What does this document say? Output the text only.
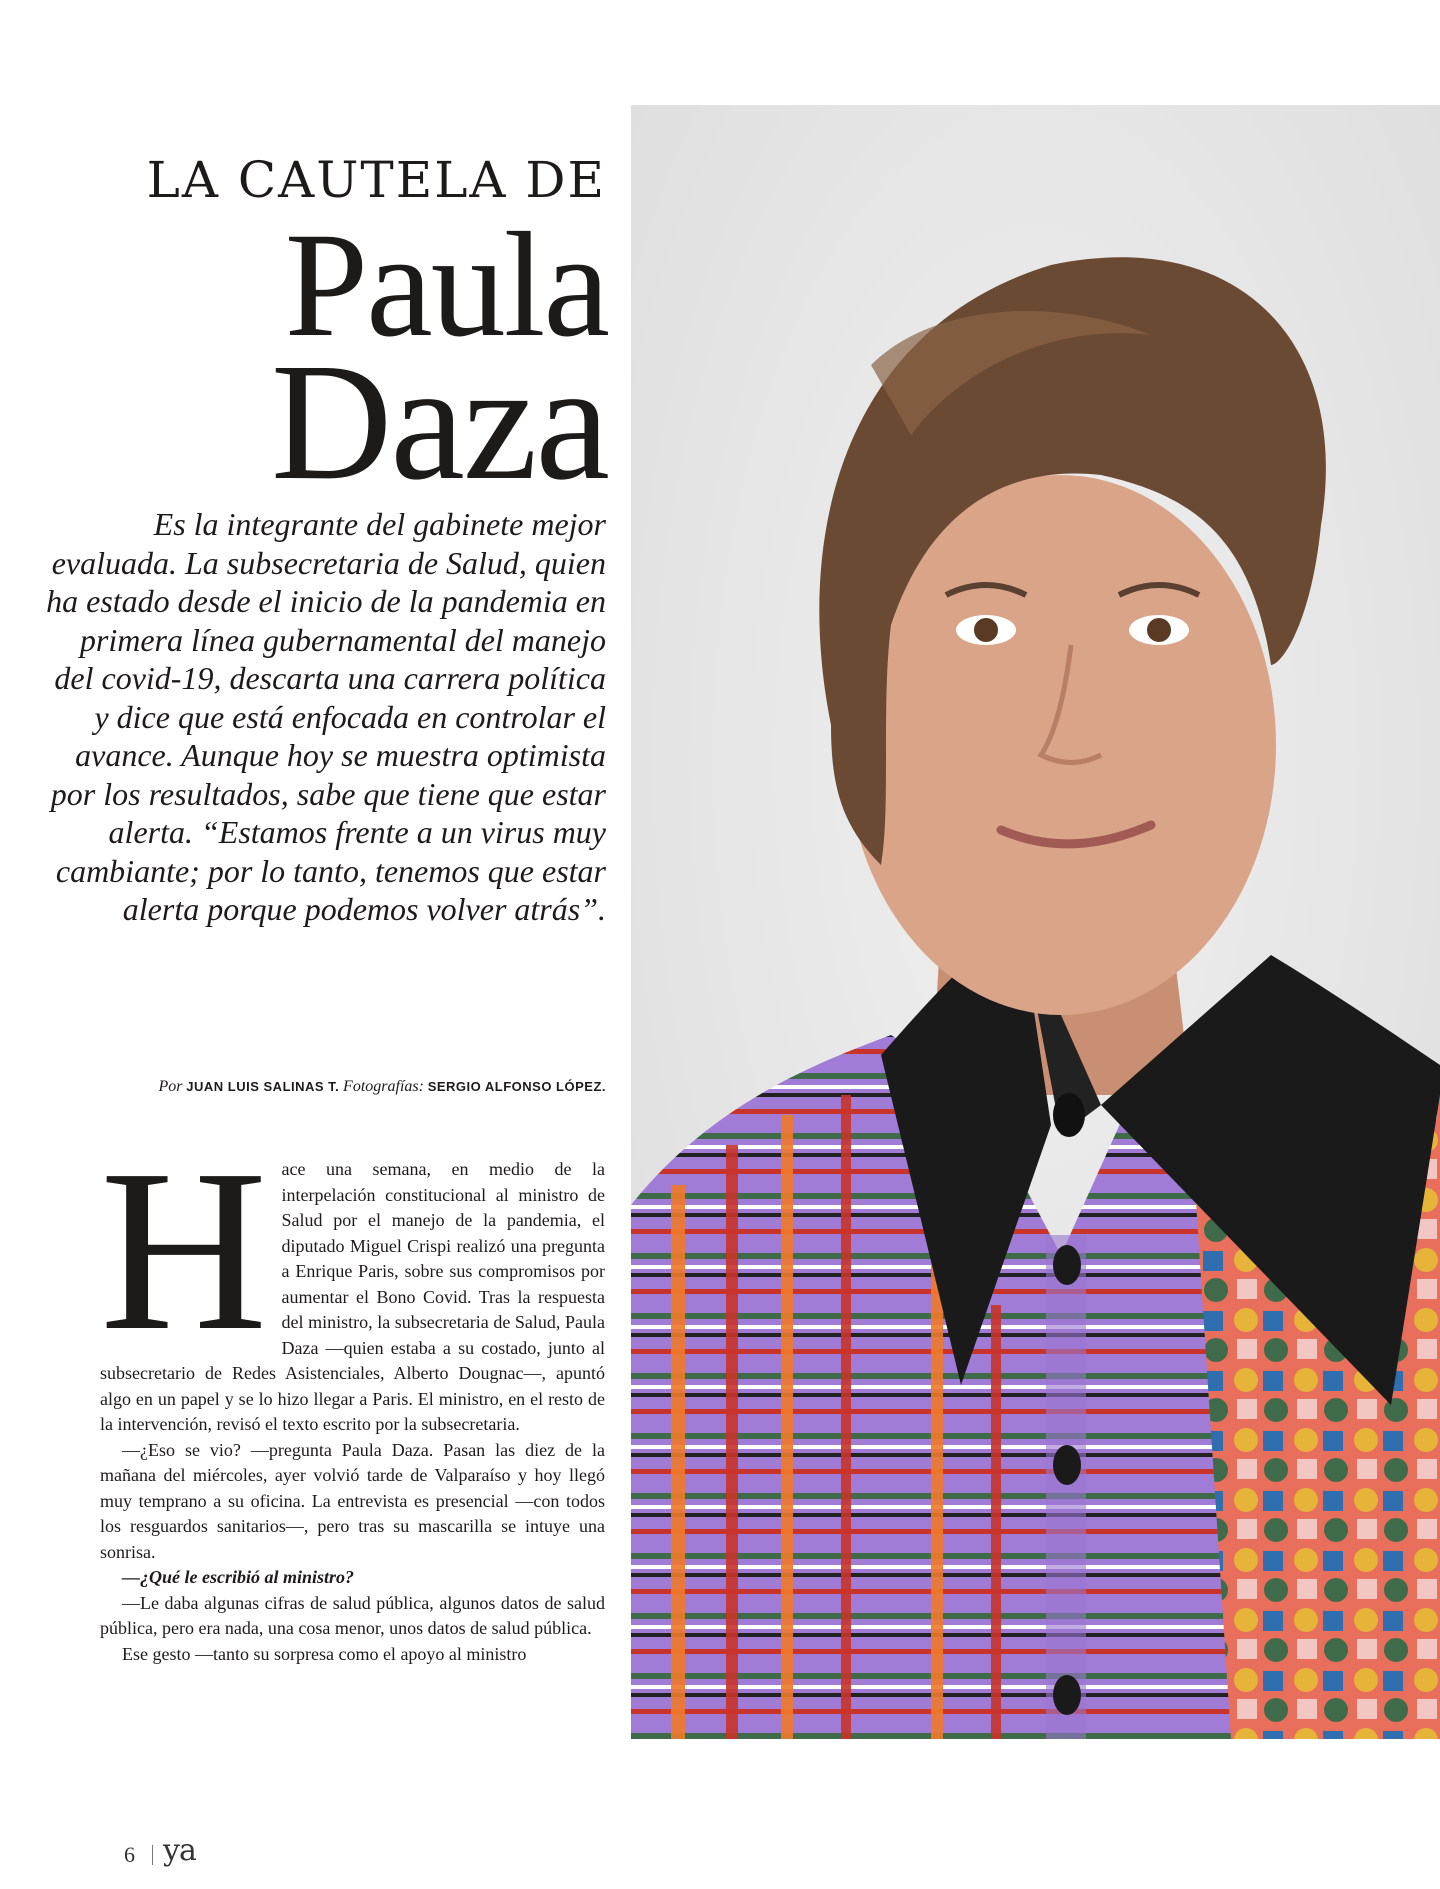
LA CAUTELA DE
Paula
Daza

Es la integrante del gabinete mejor evaluada. La subsecretaria de Salud, quien ha estado desde el inicio de la pandemia en primera línea gubernamental del manejo del covid-19, descarta una carrera política y dice que está enfocada en controlar el avance. Aunque hoy se muestra optimista por los resultados, sabe que tiene que estar alerta. “Estamos frente a un virus muy cambiante; por lo tanto, tenemos que estar alerta porque podemos volver atrás”.

Por JUAN LUIS SALINAS T. Fotografías: SERGIO ALFONSO LÓPEZ.

Hace una semana, en medio de la interpelación constitucional al ministro de Salud por el manejo de la pandemia, el diputado Miguel Crispi realizó una pregunta a Enrique Paris, sobre sus compromisos por aumentar el Bono Covid. Tras la respuesta del ministro, la subsecretaria de Salud, Paula Daza —quien estaba a su costado, junto al subsecretario de Redes Asistenciales, Alberto Dougnac—, apuntó algo en un papel y se lo hizo llegar a Paris. El ministro, en el resto de la intervención, revisó el texto escrito por la subsecretaria.

—¿Eso se vio? —pregunta Paula Daza. Pasan las diez de la mañana del miércoles, ayer volvió tarde de Valparaíso y hoy llegó muy temprano a su oficina. La entrevista es presencial —con todos los resguardos sanitarios—, pero tras su mascarilla se intuye una sonrisa.

—¿Qué le escribió al ministro?

—Le daba algunas cifras de salud pública, algunos datos de salud pública, pero era nada, una cosa menor, unos datos de salud pública.

Ese gesto —tanto su sorpresa como el apoyo al ministro

6 ya
